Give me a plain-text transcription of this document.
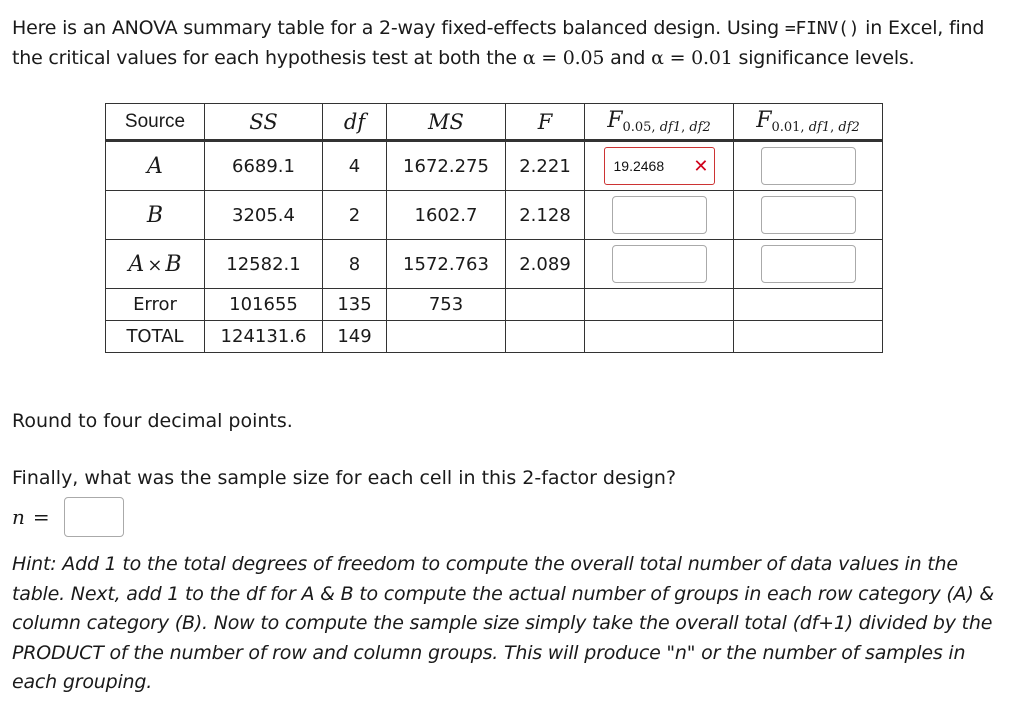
Here is an ANOVA summary table for a 2-way fixed-effects balanced design. Using =FINV() in Excel, find the critical values for each hypothesis test at both the α = 0.05 and α = 0.01 significance levels.
Source	SS	df	MS	F	$F_{0.05, df1, df2}$	$F_{0.01, df1, df2}$
A	6689.1	4	1672.275	2.221	19.2468 ✕	

B	3205.4	2	1602.7	2.128		
A × B	12582.1	8	1572.763	2.089		
Error	101655	135	753			
TOTAL	124131.6	149				
Round to four decimal points.
Finally, what was the sample size for each cell in this 2-factor design?
n =
Hint: Add 1 to the total degrees of freedom to compute the overall total number of data values in the table. Next, add 1 to the df for A & B to compute the actual number of groups in each row category (A) & column category (B). Now to compute the sample size simply take the overall total (df+1) divided by the PRODUCT of the number of row and column groups. This will produce "n" or the number of samples in each grouping.
